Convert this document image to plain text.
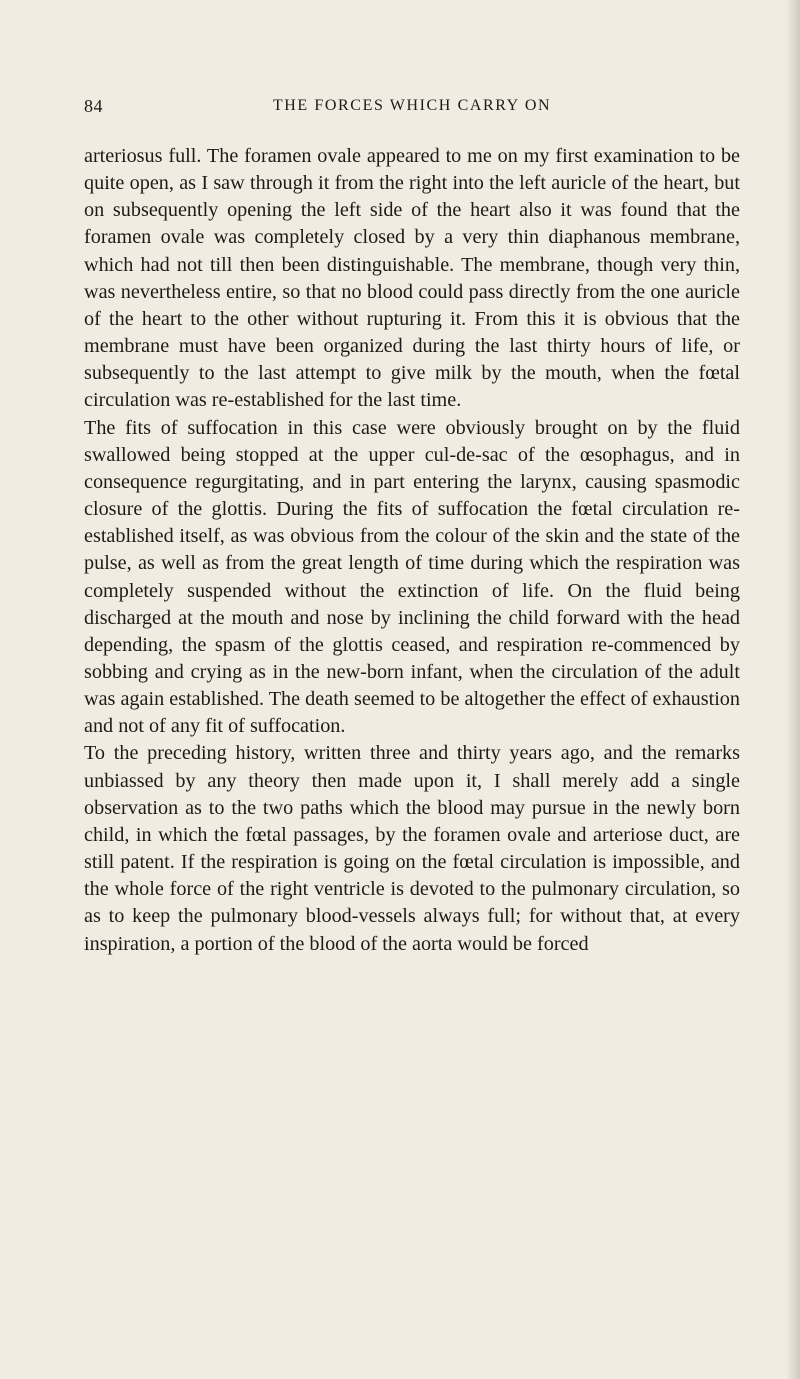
84	THE FORCES WHICH CARRY ON

arteriosus full. The foramen ovale appeared to me on my first examination to be quite open, as I saw through it from the right into the left auricle of the heart, but on subsequently opening the left side of the heart also it was found that the foramen ovale was completely closed by a very thin diaphanous membrane, which had not till then been distinguishable. The membrane, though very thin, was nevertheless entire, so that no blood could pass directly from the one auricle of the heart to the other without rupturing it. From this it is obvious that the membrane must have been organized during the last thirty hours of life, or subsequently to the last attempt to give milk by the mouth, when the fœtal circulation was re-established for the last time.

The fits of suffocation in this case were obviously brought on by the fluid swallowed being stopped at the upper cul-de-sac of the œsophagus, and in consequence regurgitating, and in part entering the larynx, causing spasmodic closure of the glottis. During the fits of suffocation the fœtal circulation re-established itself, as was obvious from the colour of the skin and the state of the pulse, as well as from the great length of time during which the respiration was completely suspended without the extinction of life. On the fluid being discharged at the mouth and nose by inclining the child forward with the head depending, the spasm of the glottis ceased, and respiration re-commenced by sobbing and crying as in the new-born infant, when the circulation of the adult was again established. The death seemed to be altogether the effect of exhaustion and not of any fit of suffocation.

To the preceding history, written three and thirty years ago, and the remarks unbiassed by any theory then made upon it, I shall merely add a single observation as to the two paths which the blood may pursue in the newly born child, in which the fœtal passages, by the foramen ovale and arteriose duct, are still patent. If the respiration is going on the fœtal circulation is impossible, and the whole force of the right ventricle is devoted to the pulmonary circulation, so as to keep the pulmonary blood-vessels always full; for without that, at every inspiration, a portion of the blood of the aorta would be forced
